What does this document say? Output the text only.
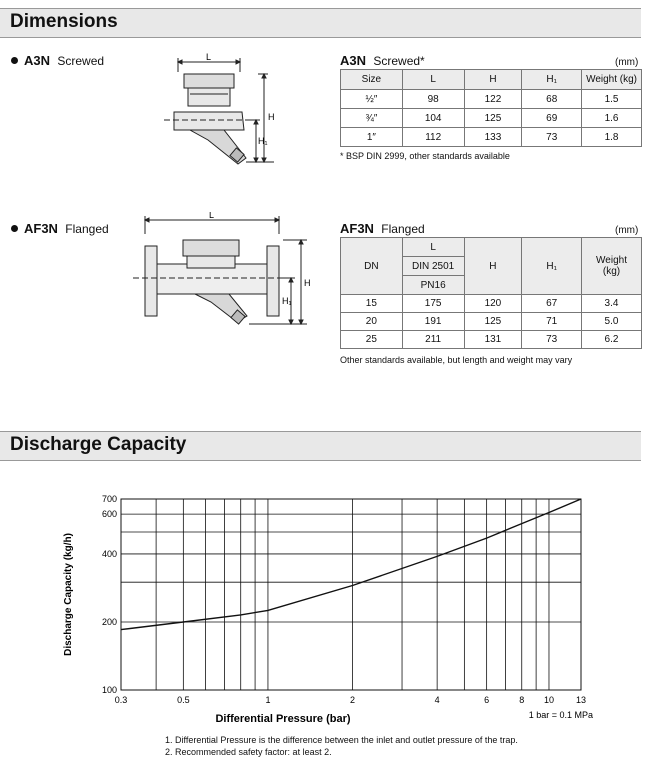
Dimensions
A3N Screwed	L
H
H₁
A3N Screwed*	(mm)
Size	L	H	H₁	Weight (kg)
½″	98	122	68	1.5
¾″	104	125	69	1.6
1″	112	133	73	1.8
* BSP DIN 2999, other standards available
AF3N Flanged
L
H
H₁
AF3N Flanged	(mm)
DN	L	H	H₁	Weight (kg)
	DIN 2501			
	PN16			
15	175	120	67	3.4
20	191	125	71	5.0
25	211	131	73	6.2
Other standards available, but length and weight may vary
Discharge Capacity
0.3	0.5	1	2	4	6	8 10 13
100
200
400
600
700
Discharge Capacity (kg/h)
Differential Pressure (bar)	1 bar = 0.1 MPa
1. Differential Pressure is the difference between the inlet and outlet pressure of the trap.
2. Recommended safety factor: at least 2.
